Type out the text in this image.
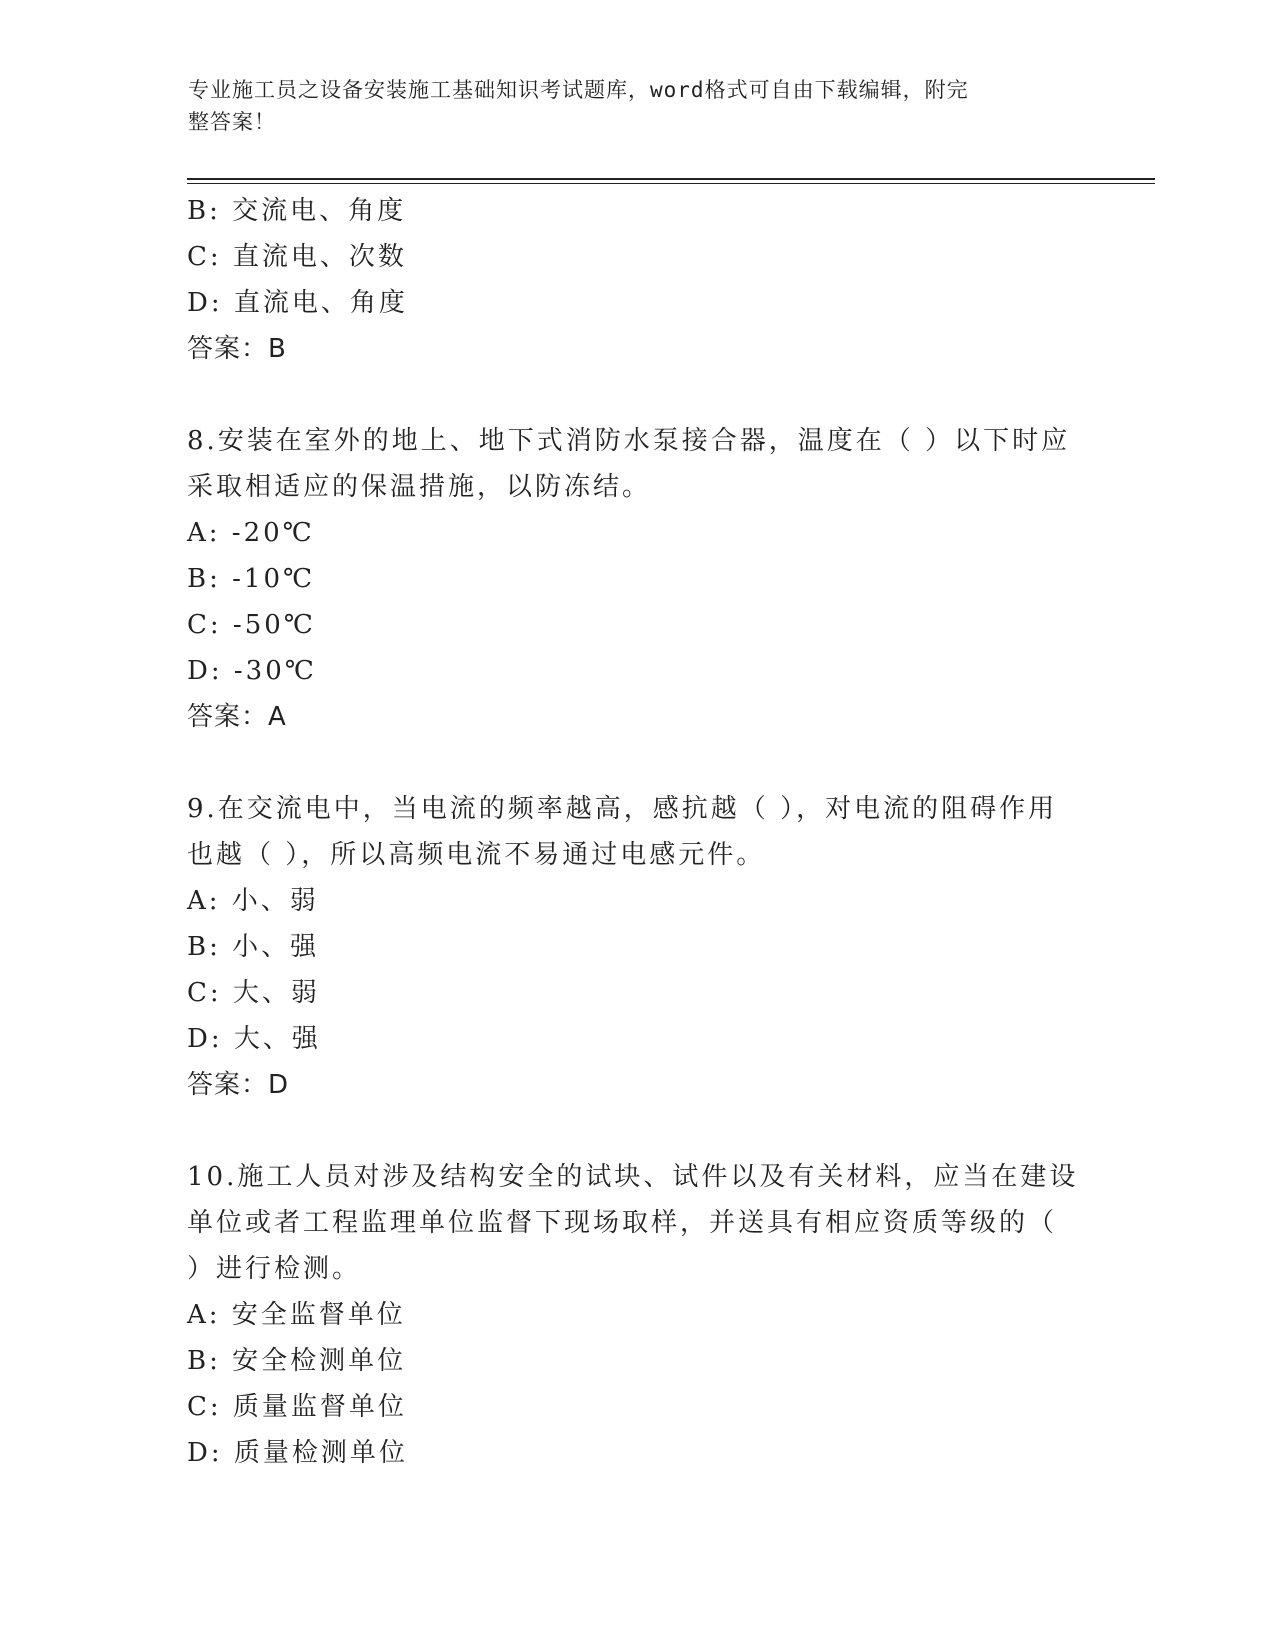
专业施工员之设备安装施工基础知识考试题库，word格式可自由下载编辑，附完
整答案！
B: 交流电、角度
C: 直流电、次数
D: 直流电、角度
答案：B
8.安装在室外的地上、地下式消防水泵接合器，温度在（ ）以下时应
采取相适应的保温措施，以防冻结。
A: -20℃
B: -10℃
C: -50℃
D: -30℃
答案：A
9.在交流电中，当电流的频率越高，感抗越（ ），对电流的阻碍作用
也越（ ），所以高频电流不易通过电感元件。
A: 小、弱
B: 小、强
C: 大、弱
D: 大、强
答案：D
10.施工人员对涉及结构安全的试块、试件以及有关材料，应当在建设
单位或者工程监理单位监督下现场取样，并送具有相应资质等级的（
）进行检测。
A: 安全监督单位
B: 安全检测单位
C: 质量监督单位
D: 质量检测单位
